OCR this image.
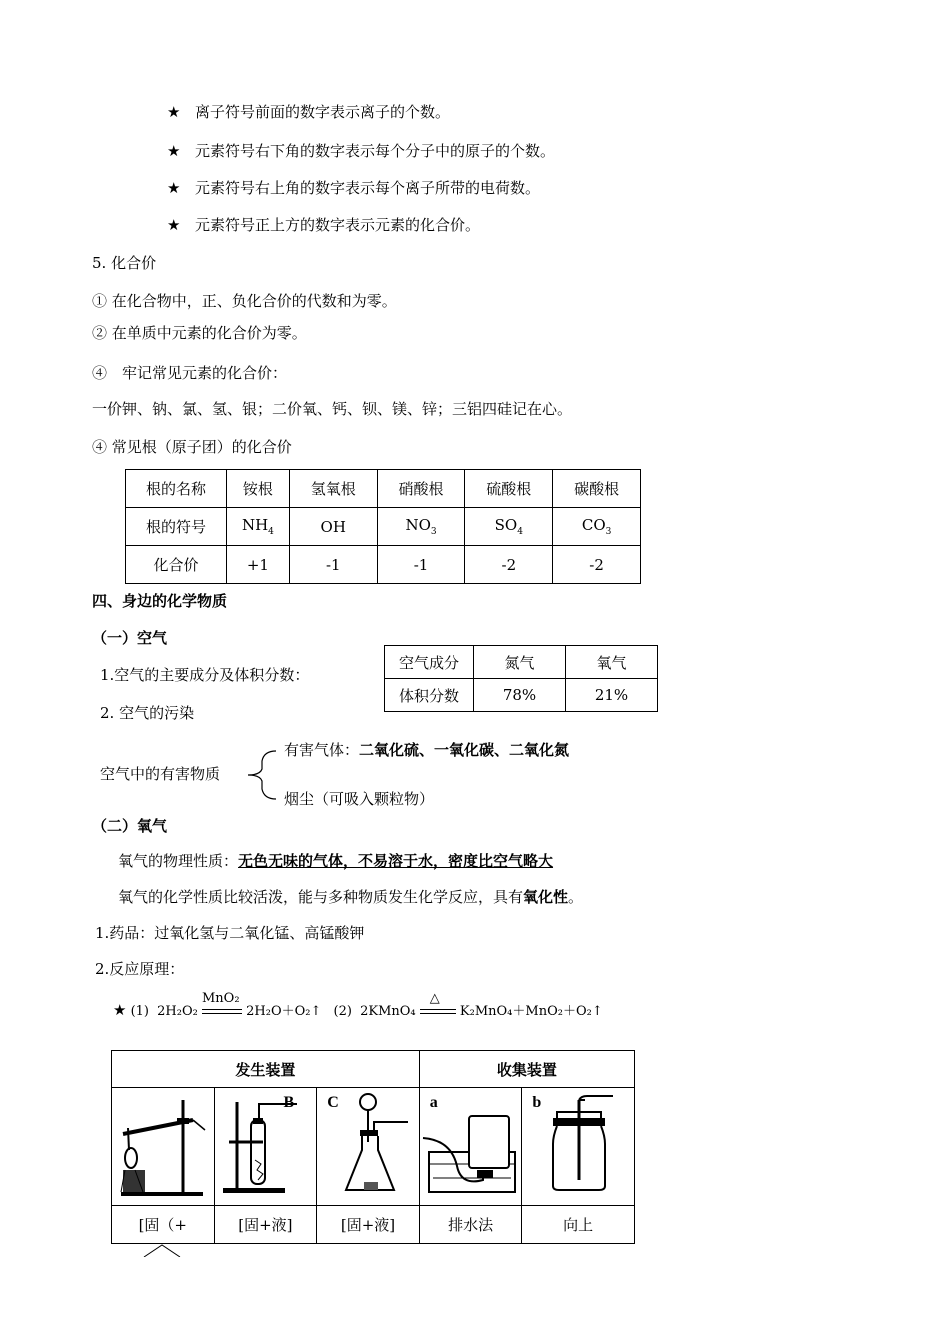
★ 离子符号前面的数字表示离子的个数。
★ 元素符号右下角的数字表示每个分子中的原子的个数。
★ 元素符号右上角的数字表示每个离子所带的电荷数。
★ 元素符号正上方的数字表示元素的化合价。
5. 化合价
① 在化合物中，正、负化合价的代数和为零。
② 在单质中元素的化合价为零。
④　牢记常见元素的化合价：
一价钾、钠、氯、氢、银；二价氧、钙、钡、镁、锌；三铝四硅记在心。
④ 常见根（原子团）的化合价
根的名称	铵根	氢氧根	硝酸根	硫酸根	碳酸根
根的符号	$NH_4$	OH	$NO_3$	$SO_4$	$CO_3$
化合价	+1	-1	-1	-2	-2
四、身边的化学物质
（一）空气
1.空气的主要成分及体积分数：
2. 空气的污染
空气成分	氮气	氧气
体积分数	78%	21%
空气中的有害物质
有害气体：二氧化硫、一氧化碳、二氧化氮
烟尘（可吸入颗粒物）
（二）氧气
氧气的物理性质：无色无味的气体，不易溶于水，密度比空气略大
氧气的化学性质比较活泼，能与多种物质发生化学反应，具有氧化性。
1.药品：过氧化氢与二氧化锰、高锰酸钾
2.反应原理：
★ (1) 2H₂O₂
MnO₂
2H₂O＋O₂↑ (2) 2KMnO₄
△
K₂MnO₄＋MnO₂＋O₂↑
发生装置			收集装置	

B	C	a	b

[固（+	[固+液]	[固+液]	排水法	向上
